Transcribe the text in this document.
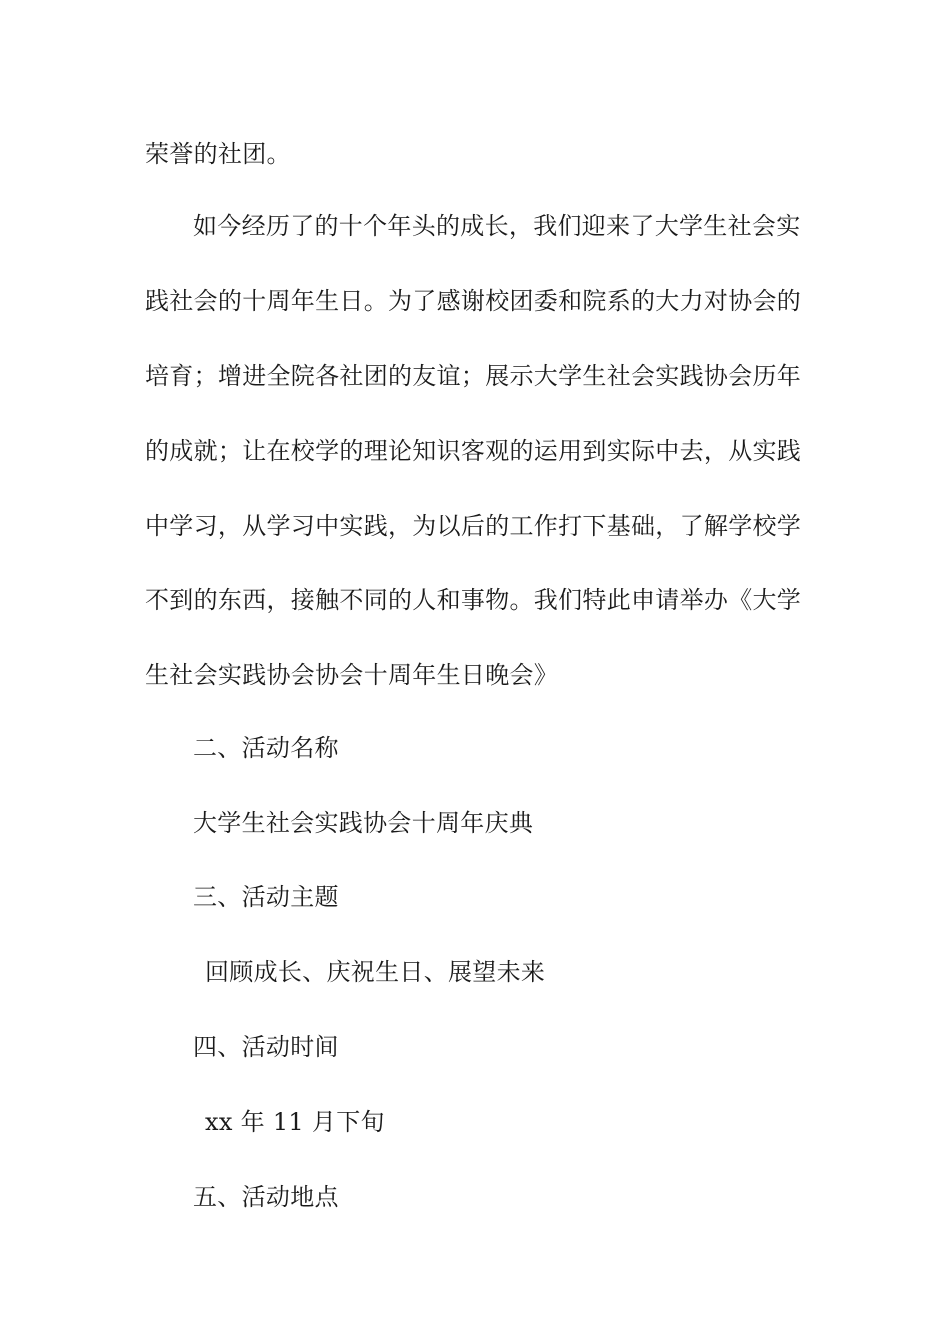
荣誉的社团。
如今经历了的十个年头的成长，我们迎来了大学生社会实
践社会的十周年生日。为了感谢校团委和院系的大力对协会的
培育；增进全院各社团的友谊；展示大学生社会实践协会历年
的成就；让在校学的理论知识客观的运用到实际中去，从实践
中学习，从学习中实践，为以后的工作打下基础，了解学校学
不到的东西，接触不同的人和事物。我们特此申请举办《大学
生社会实践协会协会十周年生日晚会》
二、活动名称
大学生社会实践协会十周年庆典
三、活动主题
回顾成长、庆祝生日、展望未来
四、活动时间
xx 年 11 月下旬
五、活动地点
